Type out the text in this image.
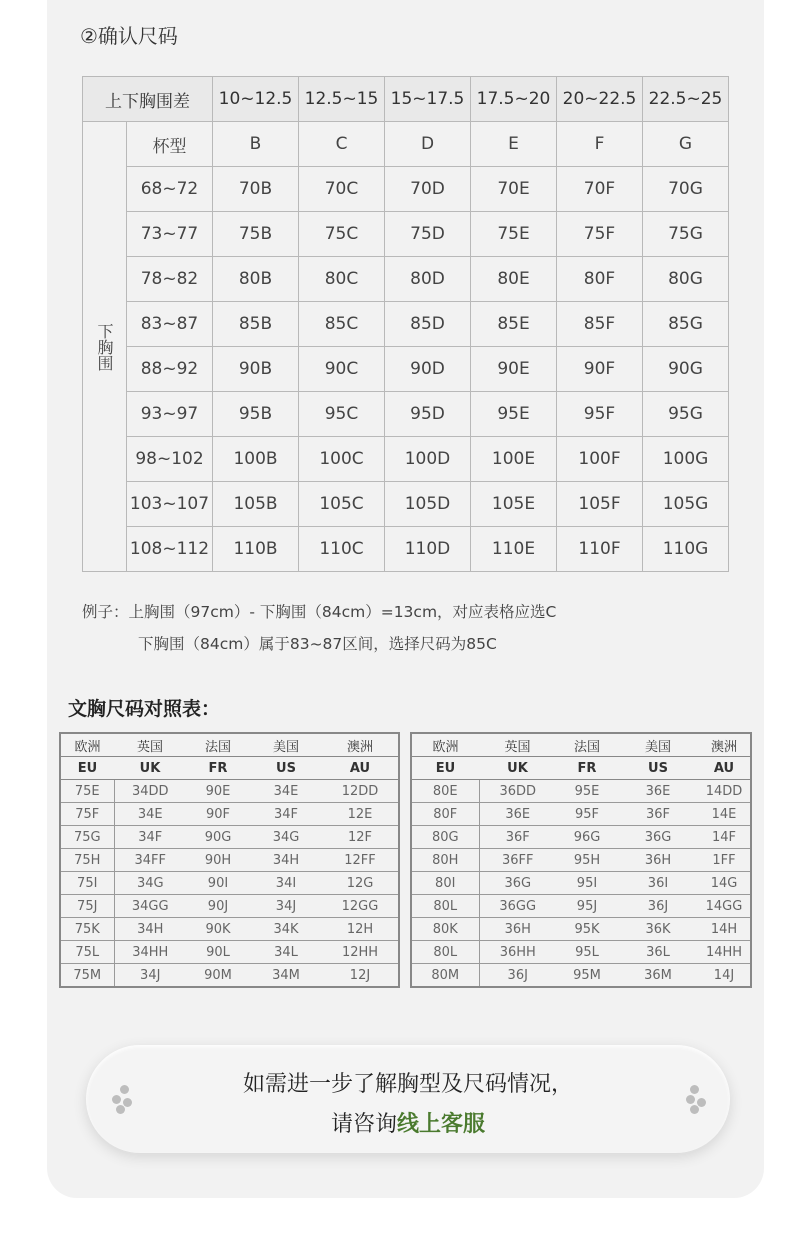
②确认尺码
上下胸围差		10~12.5	12.5~15	15~17.5	17.5~20	20~22.5	22.5~25
下胸围	杯型	B	C	D	E	F	G
	68~72	70B	70C	70D	70E	70F	70G
	73~77	75B	75C	75D	75E	75F	75G
	78~82	80B	80C	80D	80E	80F	80G
	83~87	85B	85C	85D	85E	85F	85G
	88~92	90B	90C	90D	90E	90F	90G
	93~97	95B	95C	95D	95E	95F	95G
	98~102	100B	100C	100D	100E	100F	100G
	103~107	105B	105C	105D	105E	105F	105G
	108~112	110B	110C	110D	110E	110F	110G
例子：上胸围（97cm）- 下胸围（84cm）=13cm，对应表格应选C
下胸围（84cm）属于83~87区间，选择尺码为85C
文胸尺码对照表：
欧洲	英国	法国	美国	澳洲
EU	UK	FR	US	AU
75E	34DD	90E	34E	12DD
75F	34E	90F	34F	12E
75G	34F	90G	34G	12F
75H	34FF	90H	34H	12FF
75I	34G	90I	34I	12G
75J	34GG	90J	34J	12GG
75K	34H	90K	34K	12H
75L	34HH	90L	34L	12HH
75M	34J	90M	34M	12J
欧洲	英国	法国	美国	澳洲
EU	UK	FR	US	AU
80E	36DD	95E	36E	14DD
80F	36E	95F	36F	14E
80G	36F	96G	36G	14F
80H	36FF	95H	36H	1FF
80I	36G	95I	36I	14G
80L	36GG	95J	36J	14GG
80K	36H	95K	36K	14H
80L	36HH	95L	36L	14HH
80M	36J	95M	36M	14J
如需进一步了解胸型及尺码情况，
请咨询线上客服
